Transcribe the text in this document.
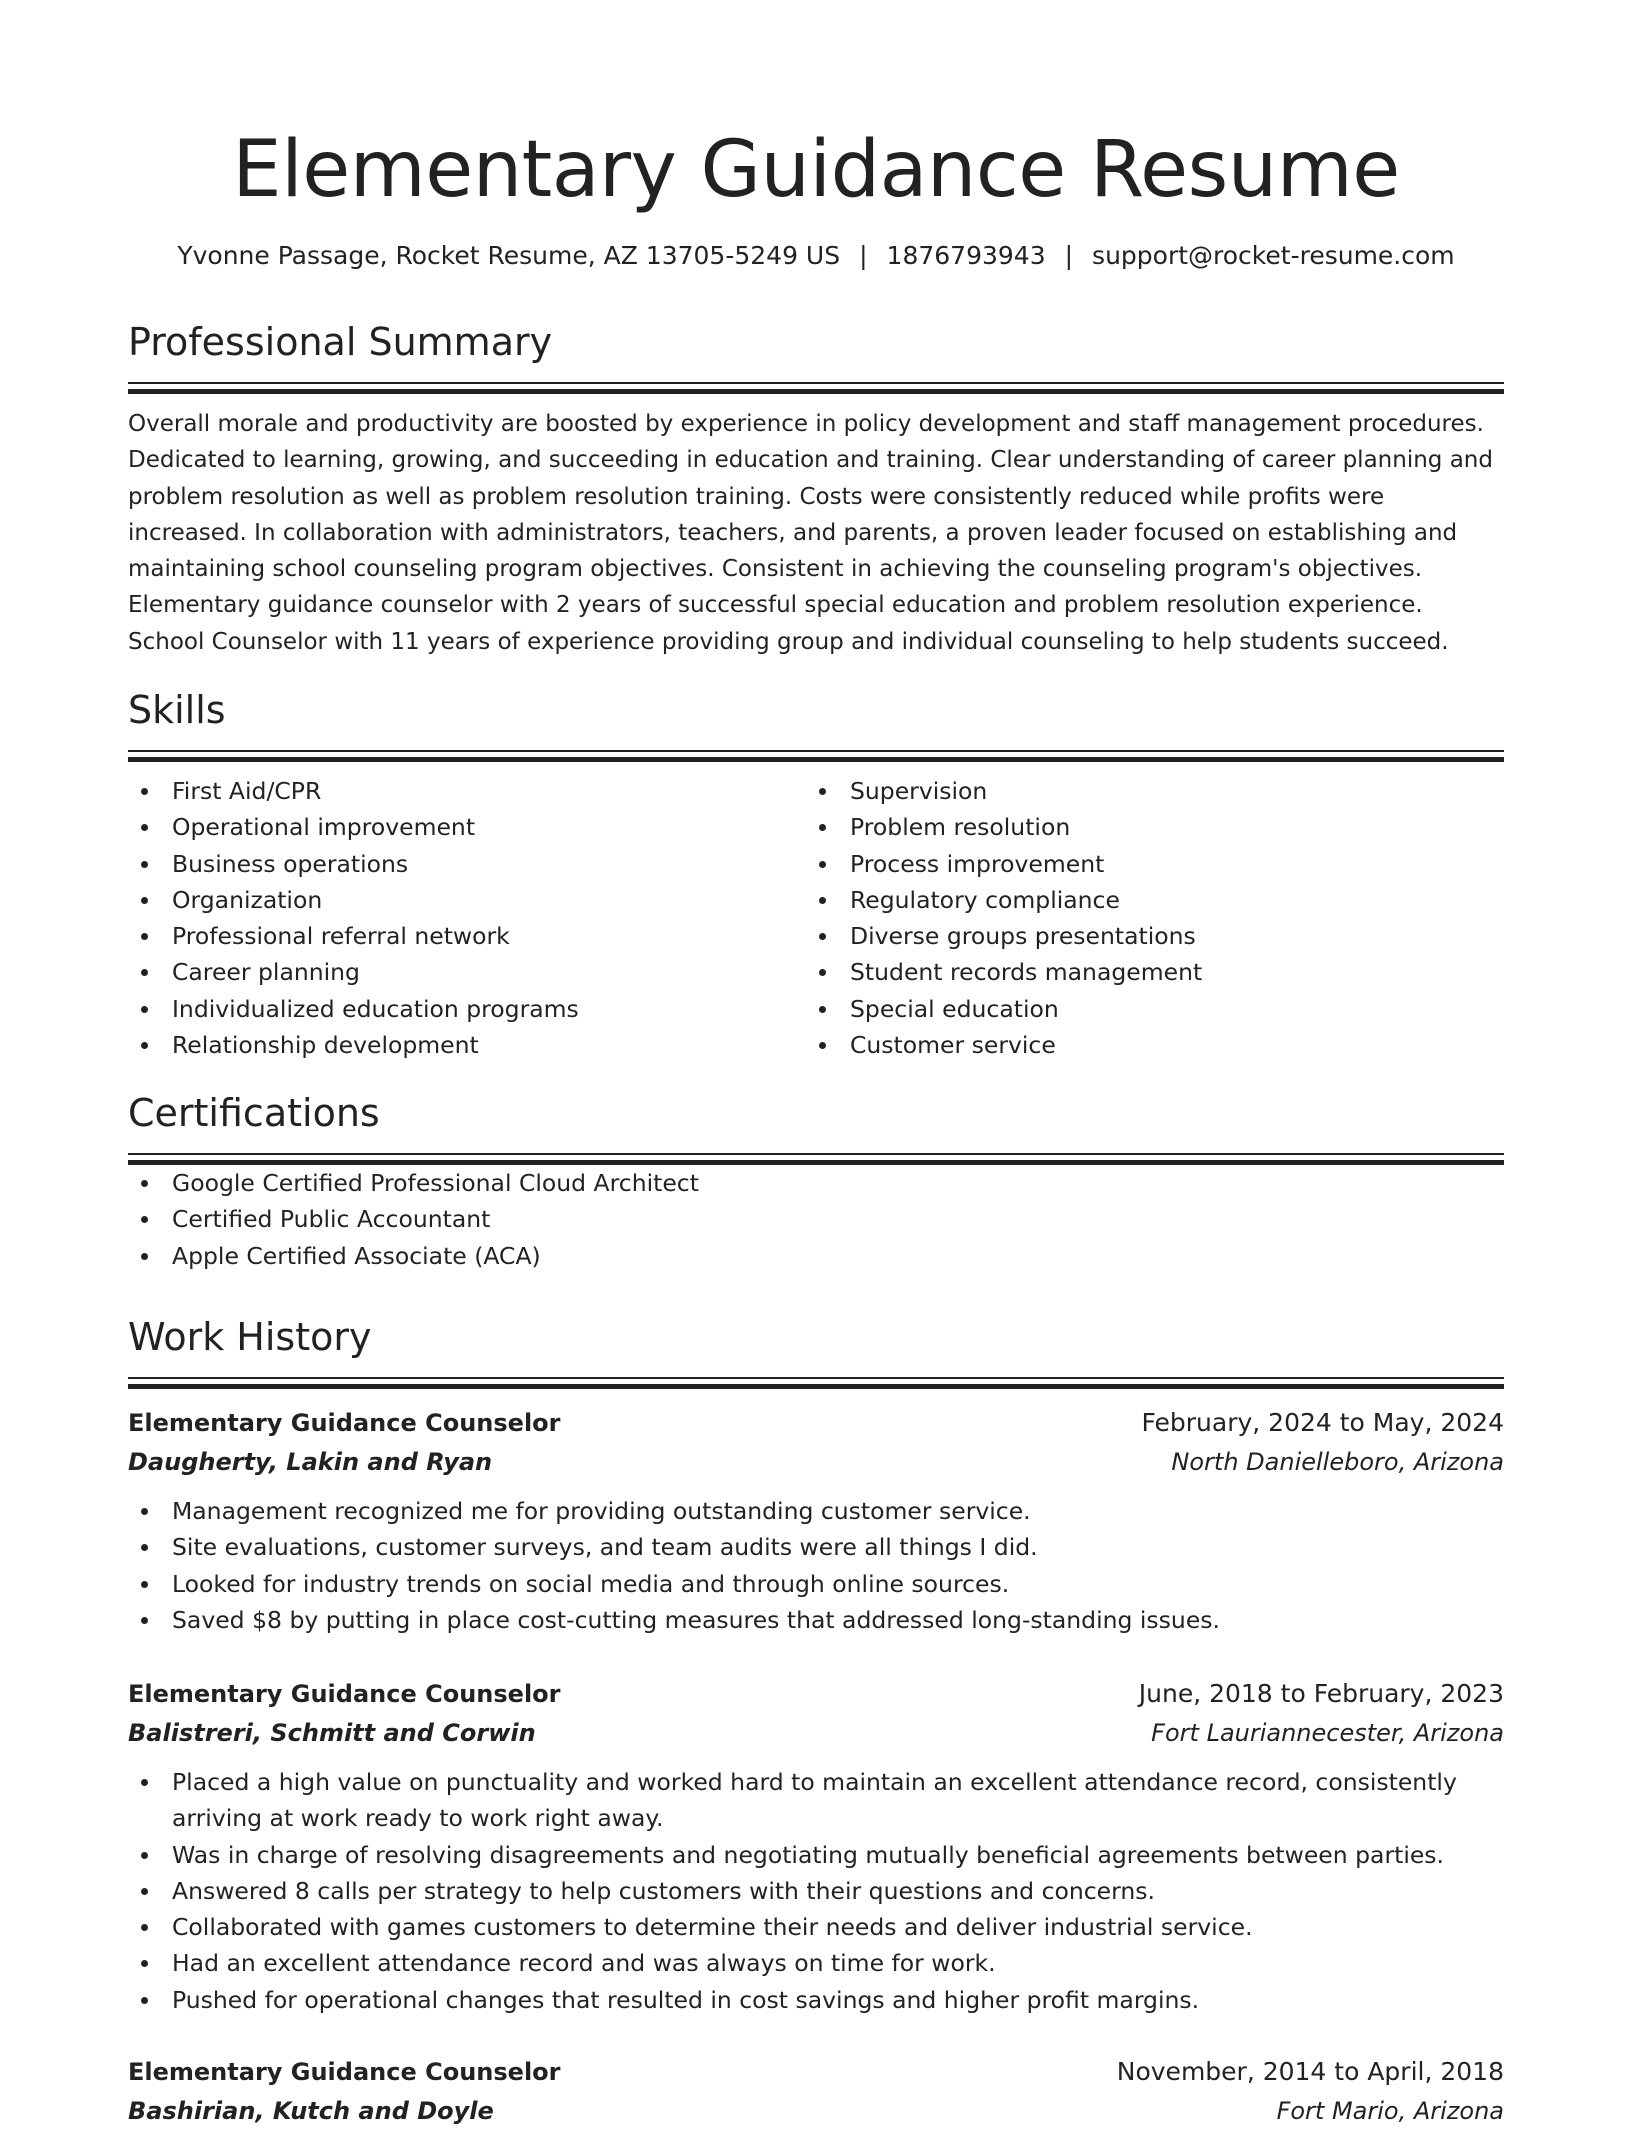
Elementary Guidance Resume
Yvonne Passage, Rocket Resume, AZ 13705-5249 US | 1876793943 | support@rocket-resume.com
Professional Summary

Overall morale and productivity are boosted by experience in policy development and staff management procedures. Dedicated to learning, growing, and succeeding in education and training. Clear understanding of career planning and problem resolution as well as problem resolution training. Costs were consistently reduced while profits were increased. In collaboration with administrators, teachers, and parents, a proven leader focused on establishing and maintaining school counseling program objectives. Consistent in achieving the counseling program's objectives. Elementary guidance counselor with 2 years of successful special education and problem resolution experience. School Counselor with 11 years of experience providing group and individual counseling to help students succeed.

Skills
First Aid/CPR
Operational improvement
Business operations
Organization
Professional referral network
Career planning
Individualized education programs
Relationship development
Supervision
Problem resolution
Process improvement
Regulatory compliance
Diverse groups presentations
Student records management
Special education
Customer service
Certifications
Google Certified Professional Cloud Architect
Certified Public Accountant
Apple Certified Associate (ACA)
Work History
Elementary Guidance Counselor	February, 2024 to May, 2024
Daugherty, Lakin and Ryan	North Danielleboro, Arizona
Management recognized me for providing outstanding customer service.
Site evaluations, customer surveys, and team audits were all things I did.
Looked for industry trends on social media and through online sources.
Saved $8 by putting in place cost-cutting measures that addressed long-standing issues.
Elementary Guidance Counselor	June, 2018 to February, 2023
Balistreri, Schmitt and Corwin	Fort Lauriannecester, Arizona
Placed a high value on punctuality and worked hard to maintain an excellent attendance record, consistently arriving at work ready to work right away.
Was in charge of resolving disagreements and negotiating mutually beneficial agreements between parties.
Answered 8 calls per strategy to help customers with their questions and concerns.
Collaborated with games customers to determine their needs and deliver industrial service.
Had an excellent attendance record and was always on time for work.
Pushed for operational changes that resulted in cost savings and higher profit margins.
Elementary Guidance Counselor	November, 2014 to April, 2018
Bashirian, Kutch and Doyle	Fort Mario, Arizona
